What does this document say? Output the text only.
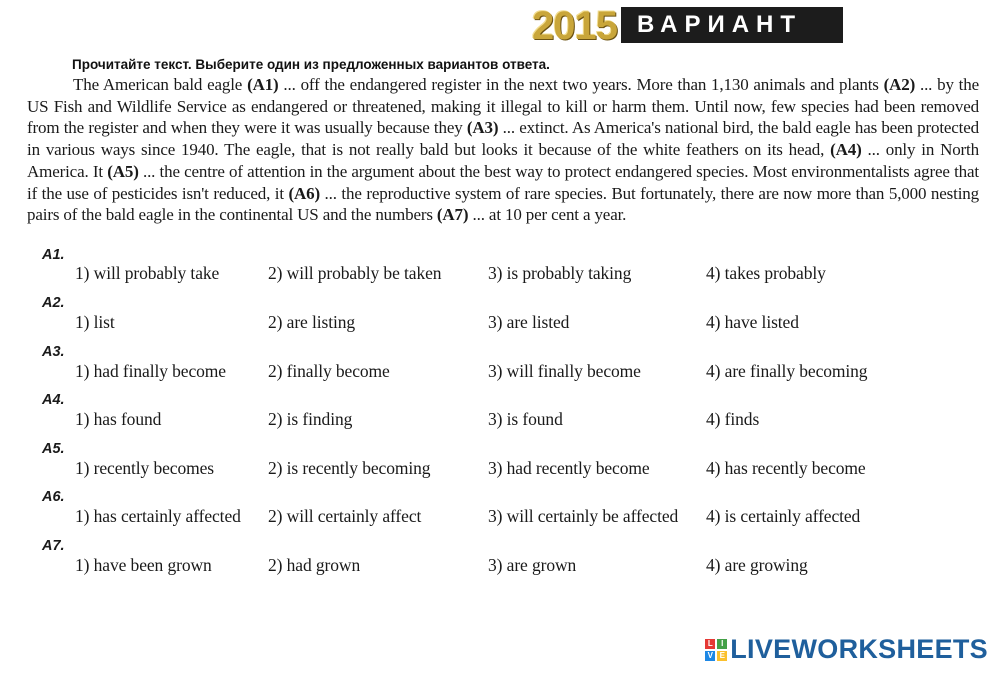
2015 ВАРИАНТ 3
Прочитайте текст. Выберите один из предложенных вариантов ответа.
The American bald eagle (A1) ... off the endangered register in the next two years. More than 1,130 animals and plants (A2) ... by the US Fish and Wildlife Service as endangered or threatened, making it illegal to kill or harm them. Until now, few species had been removed from the register and when they were it was usually because they (A3) ... extinct. As America's national bird, the bald eagle has been protected in various ways since 1940. The eagle, that is not really bald but looks it because of the white feathers on its head, (A4) ... only in North America. It (A5) ... the centre of attention in the argument about the best way to protect endangered species. Most environmentalists agree that if the use of pesticides isn't reduced, it (A6) ... the reproductive system of rare species. But fortunately, there are now more than 5,000 nesting pairs of the bald eagle in the continental US and the numbers (A7) ... at 10 per cent a year.
A1.
1) will probably take	2) will probably be taken	3) is probably taking	4) takes probably
A2.
1) list	2) are listing	3) are listed	4) have listed
A3.
1) had finally become 2) finally become	3) will finally become	4) are finally becoming
A4.
1) has found	2) is finding	3) is found	4) finds
A5.
1) recently becomes	2) is recently becoming	3) had recently become	4) has recently become
A6.
1) has certainly affected 2) will certainly affect	3) will certainly be affected 4) is certainly affected
A7.
1) have been grown	2) had grown	3) are grown	4) are growing
L	I
V E LIVEWORKSHEETS
